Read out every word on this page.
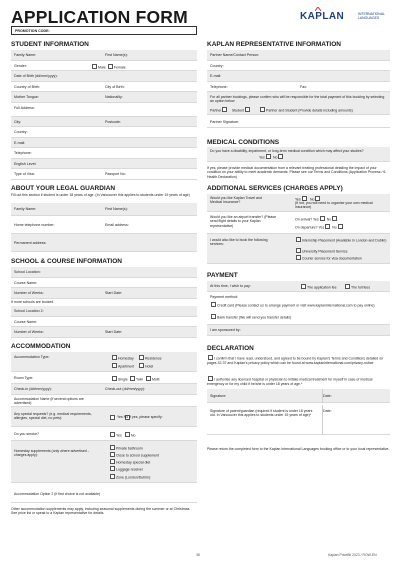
APPLICATION FORM
PROMOTION CODE:
KAPLAN	INTERNATIONAL
LANGUAGES
STUDENT INFORMATION
Family Name:	First Name(s):
Gender:	Male Female
Date of Birth (dd/mm/yyyy):
Country of Birth:	City of Birth:
Mother Tongue:	Nationality:
Full Address:
City:	Postcode:
Country:
E-mail:
Telephone:
English Level:
Type of Visa:	Passport No:
ABOUT YOUR LEGAL GUARDIAN
Fill out this section if student is under 18 years of age. (In Vancouver this applies to students under 19 years of age)
Family Name:	First Name(s):
Home telephone number:	Email address:
Permanent address:
SCHOOL & COURSE INFORMATION
School Location:
Course Name:
Number of Weeks:	Start Date:
If more schools are booked
School Location 2:
Course Name:
Number of Weeks:	Start Date:
ACCOMMODATION
Accommodation Type:	Homestay	Residence
Apartment	Hotel
Room Type:	Single	Twin	Multi
Check-in (dd/mm/yyyy):	Check-out (dd/mm/yyyy):
Accommodation Name (if several options are advertised):
Any special requests? (e.g. medical requirements, allergies, special diet, no pets):	Yes No If yes, please specify:
Do you smoke?	Yes	No
Homestay supplements (only where advertised - charges apply):
Private bathroom
Close to school supplement
Homestay special diet
Luggage receiver
Zone (London/Dublin):
Accommodation Option 2 (if first choice is not available)
Other accommodation supplements may apply, including seasonal supplements during the summer or at Christmas. See price list or speak to a Kaplan representative for details.
KAPLAN REPRESENTATIVE INFORMATION
Partner Name/Contact Person:
Country:
E-mail:
Telephone:	Fax:
For all partner bookings, please confirm who will be responsible for the total payment of this booking by selecting an option below
Partner	Student	Partner and Student (Provide details including amounts)
Partner Signature:
MEDICAL CONDITIONS
Do you have a disability, impairment, or long-term medical condition which may affect your studies?
Yes	No
If yes, please provide medical documentation from a relevant treating professional detailing the impact of your condition on your ability to meet academic demands. Please see our Terms and Conditions (Application Process / 6. Health Declaration)
ADDITIONAL SERVICES (CHARGES APPLY)
Would you like Kaplan Travel and Medical Insurance?
Yes	No
(If not, you will need to organise your own medical insurance)
Would you like an airport transfer? (Please send flight details to your Kaplan representative)
On arrival? Yes No
On departure? Yes No
I would also like to book the following services:
Internship Placement (Available in London and Dublin)
University Placement Service
Courier service for visa documentation
PAYMENT
At this time, I wish to pay:	The application fee	The full fees
Payment method:
Credit card (Please contact us to arrange payment or visit www.kaplaninternational.com to pay online)
Bank transfer (We will send you transfer details)
I am sponsored by:
DECLARATION
I confirm that I have read, understood, and agreed to be bound by Kaplan's Terms and Conditions detailed on pages 32-37 and Kaplan's privacy policy which can be found at www.kaplaninternational.com/privacy-notice
I authorise any licensed hospital or physician to initiate medical treatment for myself in case of medical emergency or for my child if he/she is under 18 years of age.*
Signature:	Date:
Signature of parent/guardian (required if student is under 18 years old. In Vancouver this applies to students under 19 years of age)*
Date:
Please return the completed form to the Kaplan International Languages booking office or to your local representative.
38	Kaplan PriceBit 2023 / ROW-EN
